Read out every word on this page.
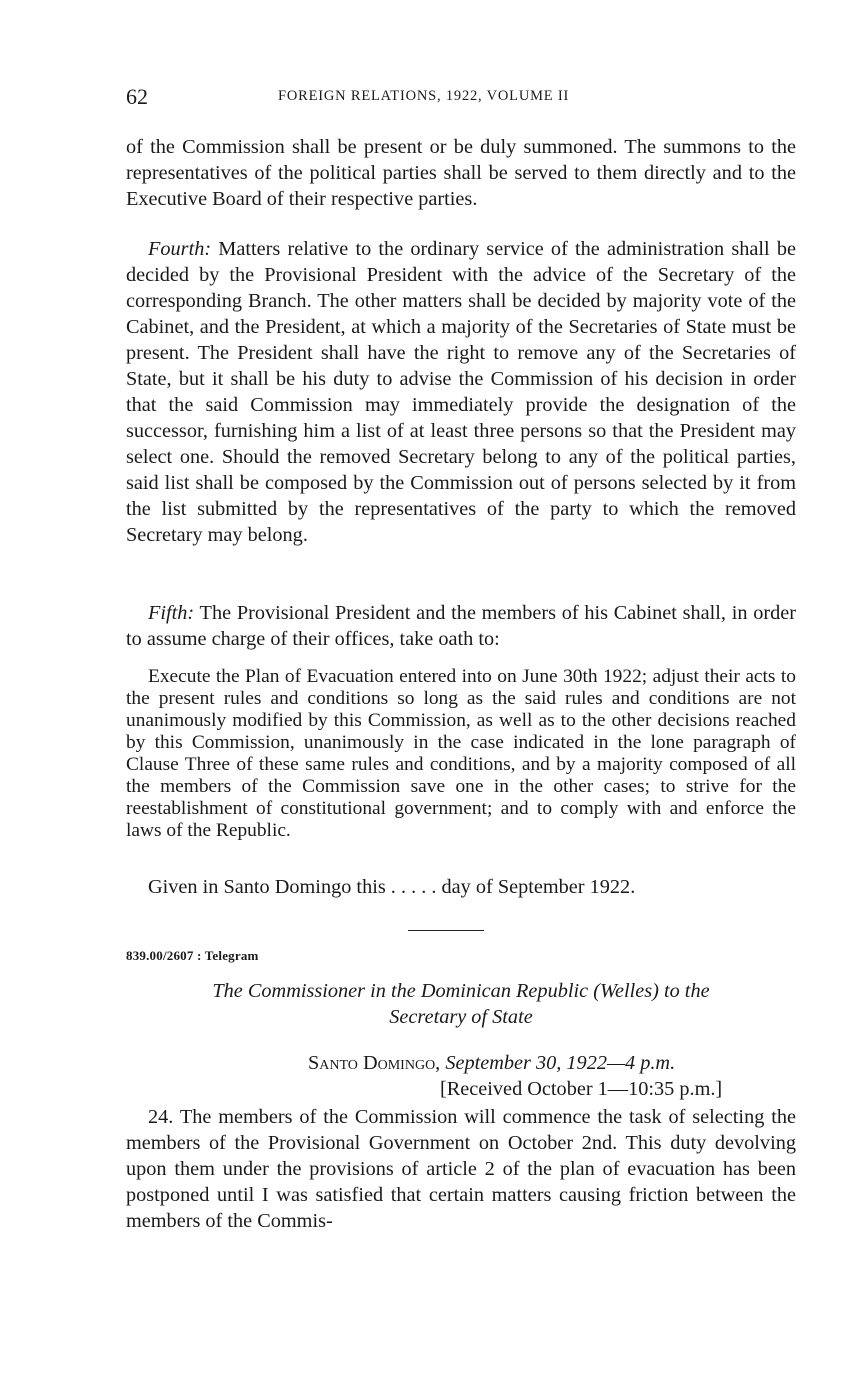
62	FOREIGN RELATIONS, 1922, VOLUME II

of the Commission shall be present or be duly summoned. The summons to the representatives of the political parties shall be served to them directly and to the Executive Board of their respective parties.

Fourth: Matters relative to the ordinary service of the administration shall be decided by the Provisional President with the advice of the Secretary of the corresponding Branch. The other matters shall be decided by majority vote of the Cabinet, and the President, at which a majority of the Secretaries of State must be present. The President shall have the right to remove any of the Secretaries of State, but it shall be his duty to advise the Commission of his decision in order that the said Commission may immediately provide the designation of the successor, furnishing him a list of at least three persons so that the President may select one. Should the removed Secretary belong to any of the political parties, said list shall be composed by the Commission out of persons selected by it from the list submitted by the representatives of the party to which the removed Secretary may belong.

Fifth: The Provisional President and the members of his Cabinet shall, in order to assume charge of their offices, take oath to:

Execute the Plan of Evacuation entered into on June 30th 1922; adjust their acts to the present rules and conditions so long as the said rules and conditions are not unanimously modified by this Commission, as well as to the other decisions reached by this Commission, unanimously in the case indicated in the lone paragraph of Clause Three of these same rules and conditions, and by a majority composed of all the members of the Commission save one in the other cases; to strive for the reestablishment of constitutional government; and to comply with and enforce the laws of the Republic.

Given in Santo Domingo this . . . . . day of September 1922.

839.00/2607 : Telegram

The Commissioner in the Dominican Republic (Welles) to the
Secretary of State

Santo Domingo, September 30, 1922—4 p.m.
[Received October 1—10:35 p.m.]

24. The members of the Commission will commence the task of selecting the members of the Provisional Government on October 2nd. This duty devolving upon them under the provisions of article 2 of the plan of evacuation has been postponed until I was satisfied that certain matters causing friction between the members of the Commis-
